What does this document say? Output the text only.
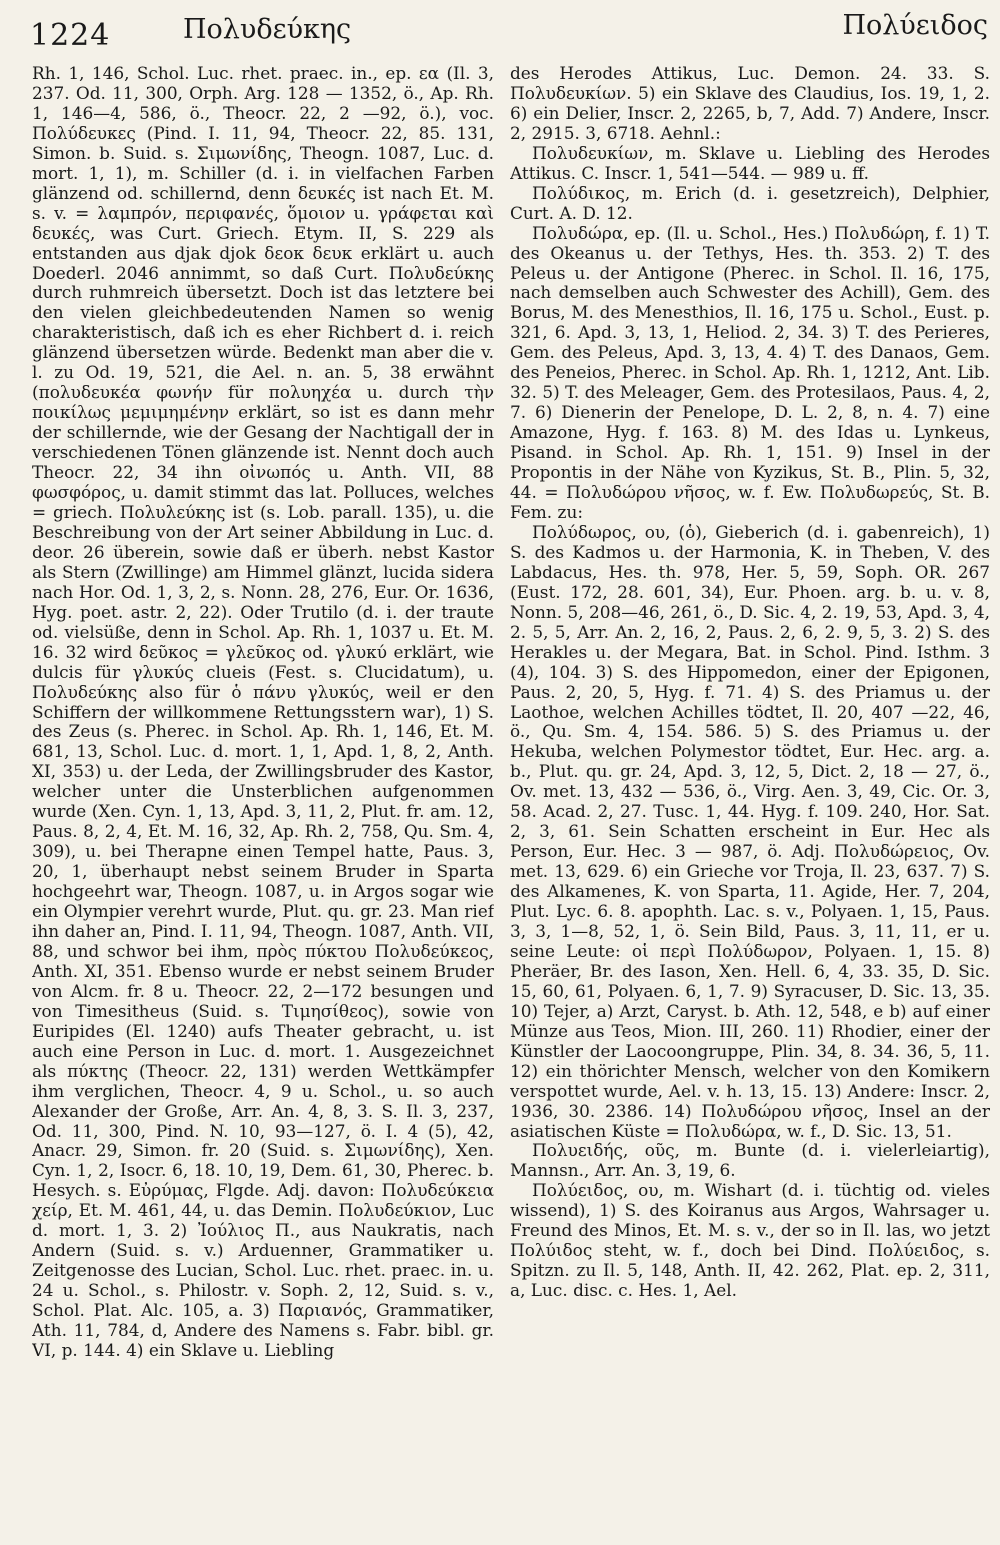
1224	Πολυδεύκης	Πολύειδος

Rh. 1, 146, Schol. Luc. rhet. praec. in., ep. εα (Il. 3, 237. Od. 11, 300, Orph. Arg. 128 — 1352, ö., Ap. Rh. 1, 146—4, 586, ö., Theocr. 22, 2 —92, ö.), voc. Πολύδευκες (Pind. I. 11, 94, Theocr. 22, 85. 131, Simon. b. Suid. s. Σιμωνίδης, Theogn. 1087, Luc. d. mort. 1, 1), m. Schiller (d. i. in vielfachen Farben glänzend od. schillernd, denn δευκές ist nach Et. M. s. v. = λαμπρόν, περιφανές, ὅμοιον u. γράφεται καὶ δευκές, was Curt. Griech. Etym. II, S. 229 als entstanden aus djak djok δεοκ δευκ erklärt u. auch Doederl. 2046 annimmt, so daß Curt. Πολυδεύκης durch ruhmreich übersetzt. Doch ist das letztere bei den vielen gleichbedeutenden Namen so wenig charakteristisch, daß ich es eher Richbert d. i. reich glänzend übersetzen würde. Bedenkt man aber die v. l. zu Od. 19, 521, die Ael. n. an. 5, 38 erwähnt (πολυδευκέα φωνήν für πολυηχέα u. durch τὴν ποικίλως μεμιμημένην erklärt, so ist es dann mehr der schillernde, wie der Gesang der Nachtigall der in verschiedenen Tönen glänzende ist. Nennt doch auch Theocr. 22, 34 ihn οἰνωπός u. Anth. VII, 88 φωσφόρος, u. damit stimmt das lat. Polluces, welches = griech. Πολυλεύκης ist (s. Lob. parall. 135), u. die Beschreibung von der Art seiner Abbildung in Luc. d. deor. 26 überein, sowie daß er überh. nebst Kastor als Stern (Zwillinge) am Himmel glänzt, lucida sidera nach Hor. Od. 1, 3, 2, s. Nonn. 28, 276, Eur. Or. 1636, Hyg. poet. astr. 2, 22). Oder Trutilo (d. i. der traute od. vielsüße, denn in Schol. Ap. Rh. 1, 1037 u. Et. M. 16. 32 wird δεῦκος = γλεῦκος od. γλυκύ erklärt, wie dulcis für γλυκύς clueis (Fest. s. Clucidatum), u. Πολυδεύκης also für ὁ πάνυ γλυκύς, weil er den Schiffern der willkommene Rettungsstern war), 1) S. des Zeus (s. Pherec. in Schol. Ap. Rh. 1, 146, Et. M. 681, 13, Schol. Luc. d. mort. 1, 1, Apd. 1, 8, 2, Anth. XI, 353) u. der Leda, der Zwillingsbruder des Kastor, welcher unter die Unsterblichen aufgenommen wurde (Xen. Cyn. 1, 13, Apd. 3, 11, 2, Plut. fr. am. 12, Paus. 8, 2, 4, Et. M. 16, 32, Ap. Rh. 2, 758, Qu. Sm. 4, 309), u. bei Therapne einen Tempel hatte, Paus. 3, 20, 1, überhaupt nebst seinem Bruder in Sparta hochgeehrt war, Theogn. 1087, u. in Argos sogar wie ein Olympier verehrt wurde, Plut. qu. gr. 23. Man rief ihn daher an, Pind. I. 11, 94, Theogn. 1087, Anth. VII, 88, und schwor bei ihm, πρὸς πύκτου Πολυδεύκεος, Anth. XI, 351. Ebenso wurde er nebst seinem Bruder von Alcm. fr. 8 u. Theocr. 22, 2—172 besungen und von Timesitheus (Suid. s. Τιμησίθεος), sowie von Euripides (El. 1240) aufs Theater gebracht, u. ist auch eine Person in Luc. d. mort. 1. Ausgezeichnet als πύκτης (Theocr. 22, 131) werden Wettkämpfer ihm verglichen, Theocr. 4, 9 u. Schol., u. so auch Alexander der Große, Arr. An. 4, 8, 3. S. Il. 3, 237, Od. 11, 300, Pind. N. 10, 93—127, ö. I. 4 (5), 42, Anacr. 29, Simon. fr. 20 (Suid. s. Σιμωνίδης), Xen. Cyn. 1, 2, Isocr. 6, 18. 10, 19, Dem. 61, 30, Pherec. b. Hesych. s. Εὐρύμας, Flgde. Adj. davon: Πολυδεύκεια χείρ, Et. M. 461, 44, u. das Demin. Πολυδεύκιον, Luc d. mort. 1, 3. 2) Ἰούλιος Π., aus Naukratis, nach Andern (Suid. s. v.) Arduenner, Grammatiker u. Zeitgenosse des Lucian, Schol. Luc. rhet. praec. in. u. 24 u. Schol., s. Philostr. v. Soph. 2, 12, Suid. s. v., Schol. Plat. Alc. 105, a. 3) Παριανός, Grammatiker, Ath. 11, 784, d, Andere des Namens s. Fabr. bibl. gr. VI, p. 144. 4) ein Sklave u. Liebling

des Herodes Attikus, Luc. Demon. 24. 33. S. Πολυδευκίων. 5) ein Sklave des Claudius, Ios. 19, 1, 2. 6) ein Delier, Inscr. 2, 2265, b, 7, Add. 7) Andere, Inscr. 2, 2915. 3, 6718. Aehnl.:

Πολυδευκίων, m. Sklave u. Liebling des Herodes Attikus. C. Inscr. 1, 541—544. — 989 u. ff.

Πολύδικος, m. Erich (d. i. gesetzreich), Delphier, Curt. A. D. 12.

Πολυδώρα, ep. (Il. u. Schol., Hes.) Πολυδώρη, f. 1) T. des Okeanus u. der Tethys, Hes. th. 353. 2) T. des Peleus u. der Antigone (Pherec. in Schol. Il. 16, 175, nach demselben auch Schwester des Achill), Gem. des Borus, M. des Menesthios, Il. 16, 175 u. Schol., Eust. p. 321, 6. Apd. 3, 13, 1, Heliod. 2, 34. 3) T. des Perieres, Gem. des Peleus, Apd. 3, 13, 4. 4) T. des Danaos, Gem. des Peneios, Pherec. in Schol. Ap. Rh. 1, 1212, Ant. Lib. 32. 5) T. des Meleager, Gem. des Protesilaos, Paus. 4, 2, 7. 6) Dienerin der Penelope, D. L. 2, 8, n. 4. 7) eine Amazone, Hyg. f. 163. 8) M. des Idas u. Lynkeus, Pisand. in Schol. Ap. Rh. 1, 151. 9) Insel in der Propontis in der Nähe von Kyzikus, St. B., Plin. 5, 32, 44. = Πολυδώρου νῆσος, w. f. Ew. Πολυδωρεύς, St. B. Fem. zu:

Πολύδωρος, ου, (ὁ), Gieberich (d. i. gabenreich), 1) S. des Kadmos u. der Harmonia, K. in Theben, V. des Labdacus, Hes. th. 978, Her. 5, 59, Soph. OR. 267 (Eust. 172, 28. 601, 34), Eur. Phoen. arg. b. u. v. 8, Nonn. 5, 208—46, 261, ö., D. Sic. 4, 2. 19, 53, Apd. 3, 4, 2. 5, 5, Arr. An. 2, 16, 2, Paus. 2, 6, 2. 9, 5, 3. 2) S. des Herakles u. der Megara, Bat. in Schol. Pind. Isthm. 3 (4), 104. 3) S. des Hippomedon, einer der Epigonen, Paus. 2, 20, 5, Hyg. f. 71. 4) S. des Priamus u. der Laothoe, welchen Achilles tödtet, Il. 20, 407 —22, 46, ö., Qu. Sm. 4, 154. 586. 5) S. des Priamus u. der Hekuba, welchen Polymestor tödtet, Eur. Hec. arg. a. b., Plut. qu. gr. 24, Apd. 3, 12, 5, Dict. 2, 18 — 27, ö., Ov. met. 13, 432 — 536, ö., Virg. Aen. 3, 49, Cic. Or. 3, 58. Acad. 2, 27. Tusc. 1, 44. Hyg. f. 109. 240, Hor. Sat. 2, 3, 61. Sein Schatten erscheint in Eur. Hec als Person, Eur. Hec. 3 — 987, ö. Adj. Πολυδώρειος, Ov. met. 13, 629. 6) ein Grieche vor Troja, Il. 23, 637. 7) S. des Alkamenes, K. von Sparta, 11. Agide, Her. 7, 204, Plut. Lyc. 6. 8. apophth. Lac. s. v., Polyaen. 1, 15, Paus. 3, 3, 1—8, 52, 1, ö. Sein Bild, Paus. 3, 11, 11, er u. seine Leute: οἱ περὶ Πολύδωρον, Polyaen. 1, 15. 8) Pheräer, Br. des Iason, Xen. Hell. 6, 4, 33. 35, D. Sic. 15, 60, 61, Polyaen. 6, 1, 7. 9) Syracuser, D. Sic. 13, 35. 10) Tejer, a) Arzt, Caryst. b. Ath. 12, 548, e b) auf einer Münze aus Teos, Mion. III, 260. 11) Rhodier, einer der Künstler der Laocoongruppe, Plin. 34, 8. 34. 36, 5, 11. 12) ein thörichter Mensch, welcher von den Komikern verspottet wurde, Ael. v. h. 13, 15. 13) Andere: Inscr. 2, 1936, 30. 2386. 14) Πολυδώρου νῆσος, Insel an der asiatischen Küste = Πολυδώρα, w. f., D. Sic. 13, 51.

Πολυειδής, οῦς, m. Bunte (d. i. vielerleiartig), Mannsn., Arr. An. 3, 19, 6.

Πολύειδος, ου, m. Wishart (d. i. tüchtig od. vieles wissend), 1) S. des Koiranus aus Argos, Wahrsager u. Freund des Minos, Et. M. s. v., der so in Il. las, wo jetzt Πολύιδος steht, w. f., doch bei Dind. Πολύειδος, s. Spitzn. zu Il. 5, 148, Anth. II, 42. 262, Plat. ep. 2, 311, a, Luc. disc. c. Hes. 1, Ael.
